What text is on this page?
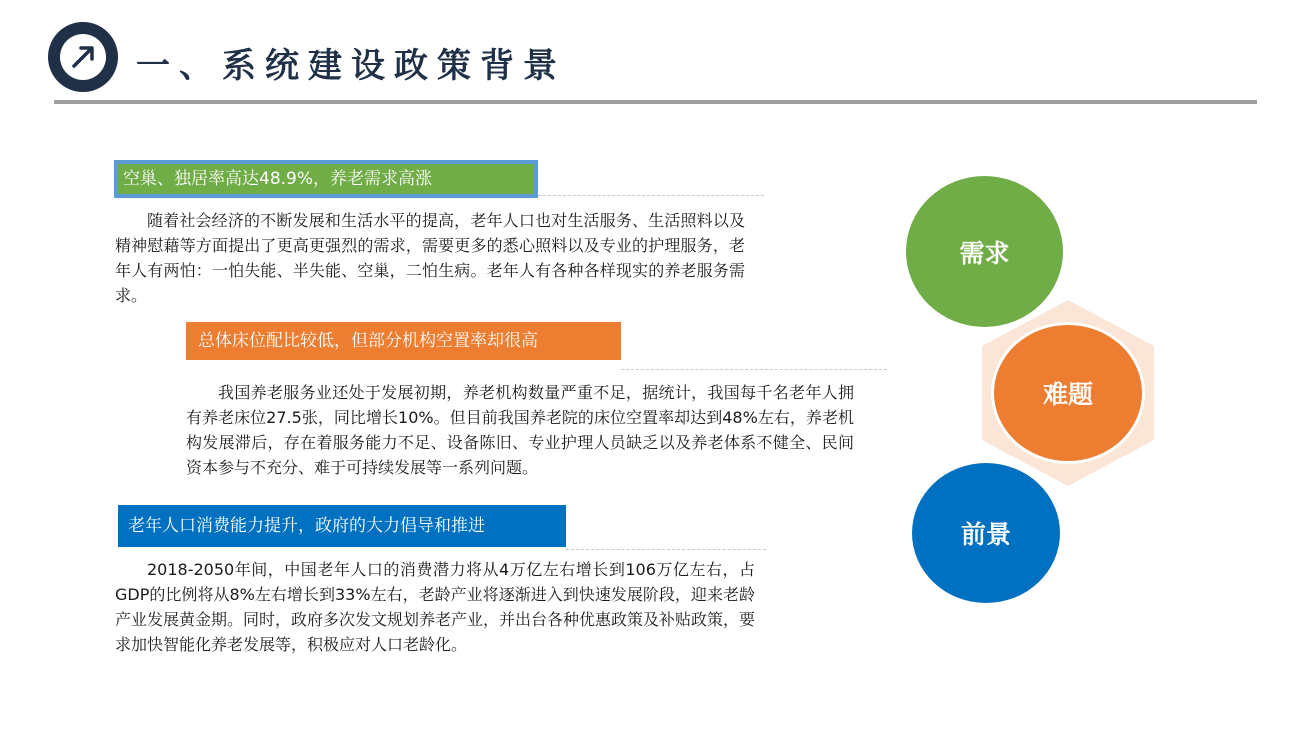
一、系统建设政策背景
空巢、独居率高达48.9%，养老需求高涨
随着社会经济的不断发展和生活水平的提高，老年人口也对生活服务、生活照料以及精神慰藉等方面提出了更高更强烈的需求，需要更多的悉心照料以及专业的护理服务，老年人有两怕：一怕失能、半失能、空巢，二怕生病。老年人有各种各样现实的养老服务需求。
总体床位配比较低，但部分机构空置率却很高
我国养老服务业还处于发展初期，养老机构数量严重不足，据统计，我国每千名老年人拥有养老床位27.5张，同比增长10%。但目前我国养老院的床位空置率却达到48%左右，养老机构发展滞后，存在着服务能力不足、设备陈旧、专业护理人员缺乏以及养老体系不健全、民间资本参与不充分、难于可持续发展等一系列问题。
老年人口消费能力提升，政府的大力倡导和推进
2018-2050年间，中国老年人口的消费潜力将从4万亿左右增长到106万亿左右，占GDP的比例将从8%左右增长到33%左右，老龄产业将逐渐进入到快速发展阶段，迎来老龄产业发展黄金期。同时，政府多次发文规划养老产业，并出台各种优惠政策及补贴政策，要求加快智能化养老发展等，积极应对人口老龄化。
需求
难题
前景
